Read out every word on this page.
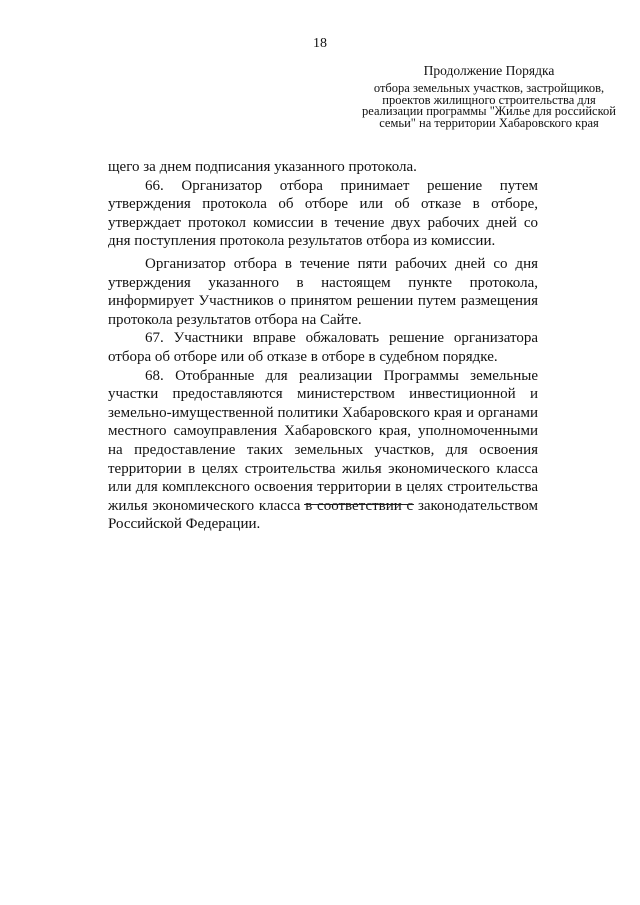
18

Продолжение Порядка

отбора земельных участков, застройщиков, проектов жилищного строительства для реализации программы "Жилье для российской семьи" на территории Хабаровского края

щего за днем подписания указанного протокола.

66. Организатор отбора принимает решение путем утверждения протокола об отборе или об отказе в отборе, утверждает протокол комиссии в течение двух рабочих дней со дня поступления протокола результатов отбора из комиссии.

Организатор отбора в течение пяти рабочих дней со дня утверждения указанного в настоящем пункте протокола, информирует Участников о принятом решении путем размещения протокола результатов отбора на Сайте.

67. Участники вправе обжаловать решение организатора отбора об отборе или об отказе в отборе в судебном порядке.

68. Отобранные для реализации Программы земельные участки предоставляются министерством инвестиционной и земельно-имущественной политики Хабаровского края и органами местного самоуправления Хабаровского края, уполномоченными на предоставление таких земельных участков, для освоения территории в целях строительства жилья экономического класса или для комплексного освоения территории в целях строительства жилья экономического класса в соответствии с законодательством Российской Федерации.
